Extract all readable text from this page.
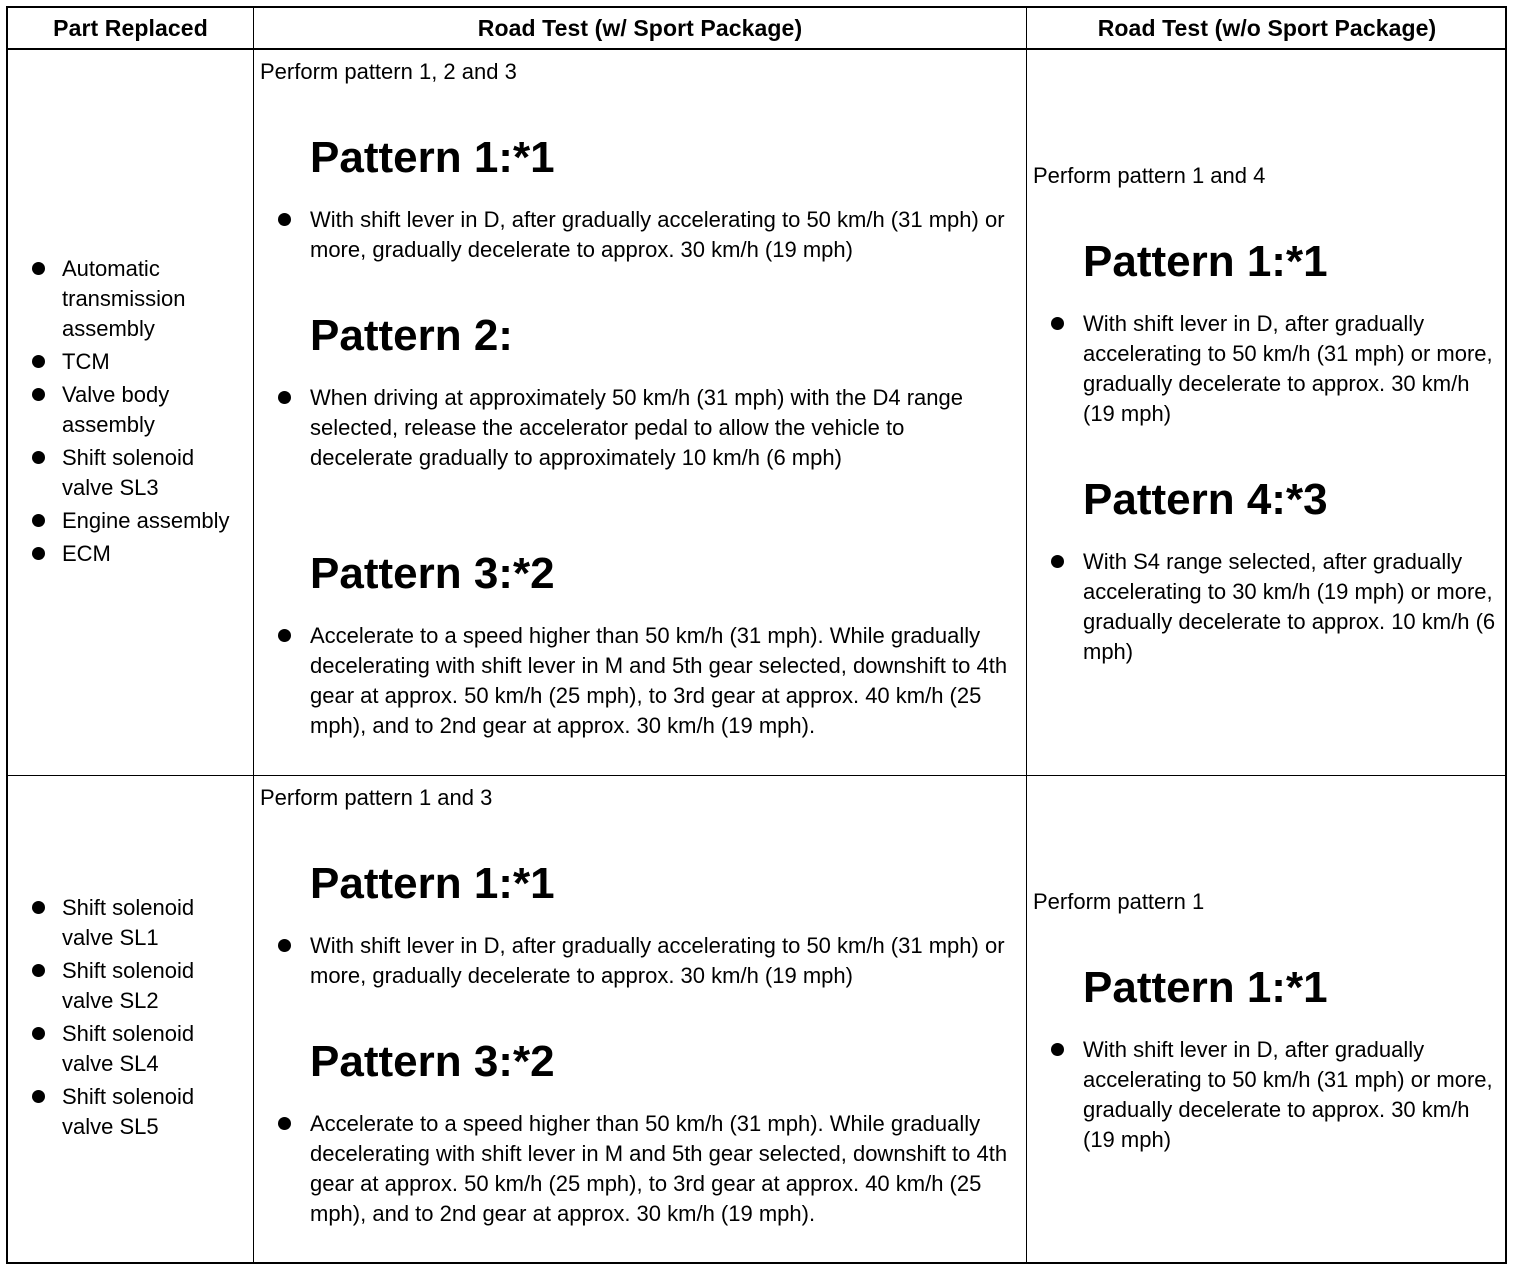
Part Replaced	Road Test (w/ Sport Package)	Road Test (w/o Sport Package)
Automatic transmission assembly
TCM
Valve body assembly
Shift solenoid valve SL3
Engine assembly
ECM
Perform pattern 1, 2 and 3
Pattern 1:*1
With shift lever in D, after gradually accelerating to 50 km/h (31 mph) or more, gradually decelerate to approx. 30 km/h (19 mph)
Pattern 2:
When driving at approximately 50 km/h (31 mph) with the D4 range selected, release the accelerator pedal to allow the vehicle to decelerate gradually to approximately 10 km/h (6 mph)
Pattern 3:*2
Accelerate to a speed higher than 50 km/h (31 mph). While gradually decelerating with shift lever in M and 5th gear selected, downshift to 4th gear at approx. 50 km/h (25 mph), to 3rd gear at approx. 40 km/h (25 mph), and to 2nd gear at approx. 30 km/h (19 mph).
Perform pattern 1 and 4
Pattern 1:*1
With shift lever in D, after gradually accelerating to 50 km/h (31 mph) or more, gradually decelerate to approx. 30 km/h (19 mph)
Pattern 4:*3
With S4 range selected, after gradually accelerating to 30 km/h (19 mph) or more, gradually decelerate to approx. 10 km/h (6 mph)
Shift solenoid valve SL1
Shift solenoid valve SL2
Shift solenoid valve SL4
Shift solenoid valve SL5
Perform pattern 1 and 3
Pattern 1:*1
With shift lever in D, after gradually accelerating to 50 km/h (31 mph) or more, gradually decelerate to approx. 30 km/h (19 mph)
Pattern 3:*2
Accelerate to a speed higher than 50 km/h (31 mph). While gradually decelerating with shift lever in M and 5th gear selected, downshift to 4th gear at approx. 50 km/h (25 mph), to 3rd gear at approx. 40 km/h (25 mph), and to 2nd gear at approx. 30 km/h (19 mph).
Perform pattern 1
Pattern 1:*1
With shift lever in D, after gradually accelerating to 50 km/h (31 mph) or more, gradually decelerate to approx. 30 km/h (19 mph)
